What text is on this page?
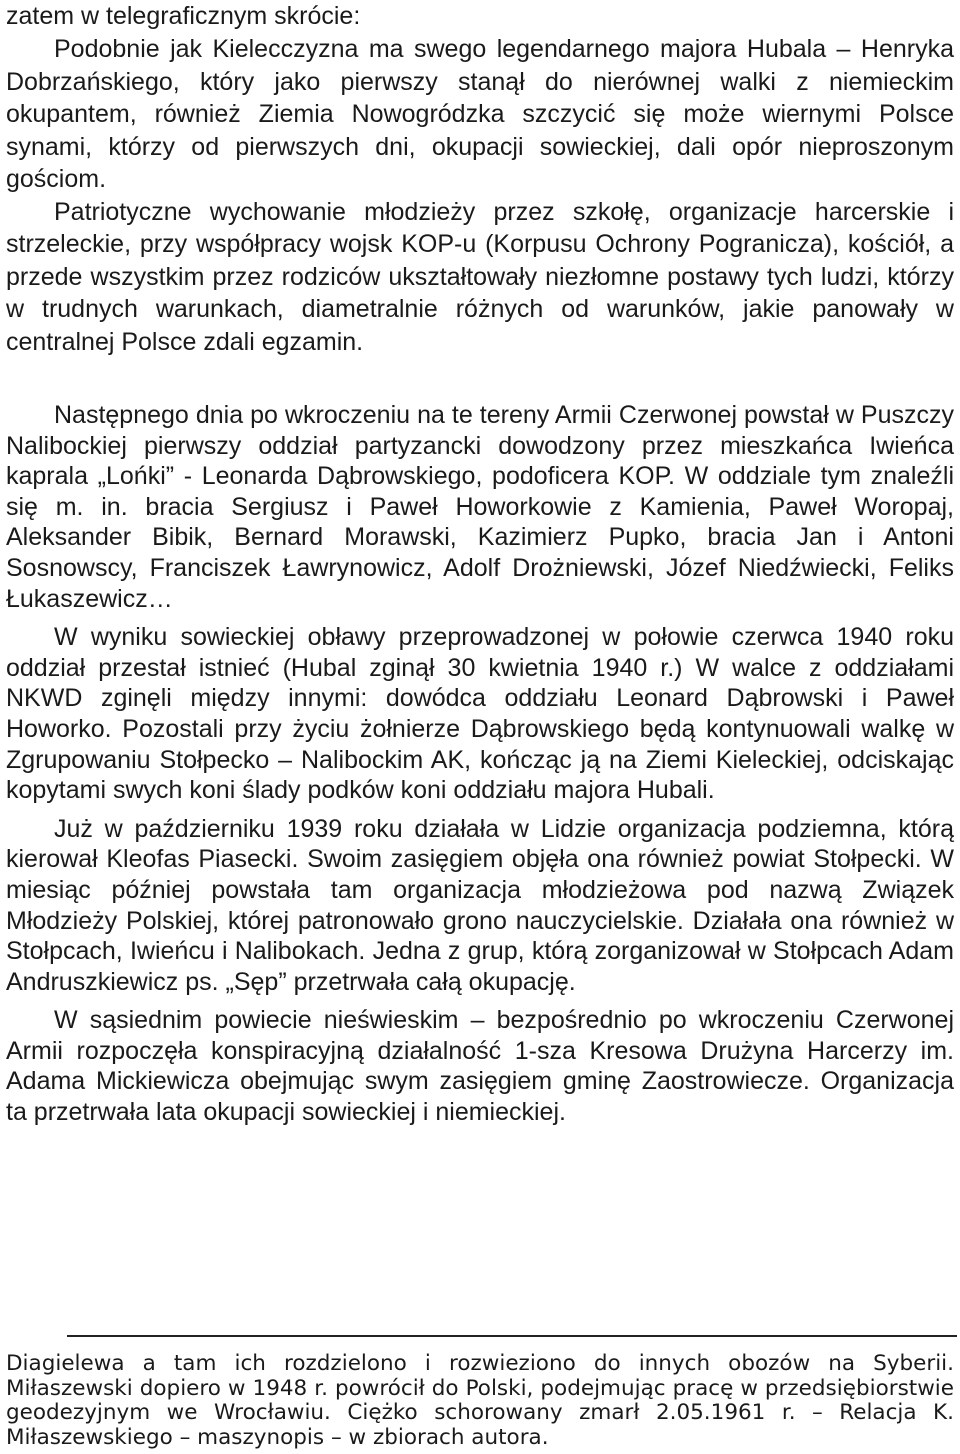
zatem w telegraficznym skrócie:

Podobnie jak Kielecczyzna ma swego legendarnego majora Hubala – Henryka Dobrzańskiego, który jako pierwszy stanął do nierównej walki z niemieckim okupantem, również Ziemia Nowogródzka szczycić się może wiernymi Polsce synami, którzy od pierwszych dni, okupacji sowieckiej, dali opór nieproszonym gościom.

Patriotyczne wychowanie młodzieży przez szkołę, organizacje harcerskie i strzeleckie, przy współpracy wojsk KOP-u (Korpusu Ochrony Pogranicza), kościół, a przede wszystkim przez rodziców ukształtowały niezłomne postawy tych ludzi, którzy w trudnych warunkach, diametralnie różnych od warunków, jakie panowały w centralnej Polsce zdali egzamin.

Następnego dnia po wkroczeniu na te tereny Armii Czerwonej powstał w Puszczy Nalibockiej pierwszy oddział partyzancki dowodzony przez mieszkańca Iwieńca kaprala „Lońki” - Leonarda Dąbrowskiego, podoficera KOP. W oddziale tym znaleźli się m. in. bracia Sergiusz i Paweł Howorkowie z Kamienia, Paweł Woropaj, Aleksander Bibik, Bernard Morawski, Kazimierz Pupko, bracia Jan i Antoni Sosnowscy, Franciszek Ławrynowicz, Adolf Drożniewski, Józef Niedźwiecki, Feliks Łukaszewicz…

W wyniku sowieckiej obławy przeprowadzonej w połowie czerwca 1940 roku oddział przestał istnieć (Hubal zginął 30 kwietnia 1940 r.) W walce z oddziałami NKWD zginęli między innymi: dowódca oddziału Leonard Dąbrowski i Paweł Howorko. Pozostali przy życiu żołnierze Dąbrowskiego będą kontynuowali walkę w Zgrupowaniu Stołpecko – Nalibockim AK, kończąc ją na Ziemi Kieleckiej, odciskając kopytami swych koni ślady podków koni oddziału majora Hubali.

Już w październiku 1939 roku działała w Lidzie organizacja podziemna, którą kierował Kleofas Piasecki. Swoim zasięgiem objęła ona również powiat Stołpecki. W miesiąc później powstała tam organizacja młodzieżowa pod nazwą Związek Młodzieży Polskiej, której patronowało grono nauczycielskie. Działała ona również w Stołpcach, Iwieńcu i Nalibokach. Jedna z grup, którą zorganizował w Stołpcach Adam Andruszkiewicz ps. „Sęp” przetrwała całą okupację.

W sąsiednim powiecie nieświeskim – bezpośrednio po wkroczeniu Czerwonej Armii rozpoczęła konspiracyjną działalność 1-sza Kresowa Drużyna Harcerzy im. Adama Mickiewicza obejmując swym zasięgiem gminę Zaostrowiecze. Organizacja ta przetrwała lata okupacji sowieckiej i niemieckiej.

Diagielewa a tam ich rozdzielono i rozwieziono do innych obozów na Syberii. Miłaszewski dopiero w 1948 r. powrócił do Polski, podejmując pracę w przedsiębiorstwie geodezyjnym we Wrocławiu. Ciężko schorowany zmarł 2.05.1961 r. – Relacja K. Miłaszewskiego – maszynopis – w zbiorach autora.
